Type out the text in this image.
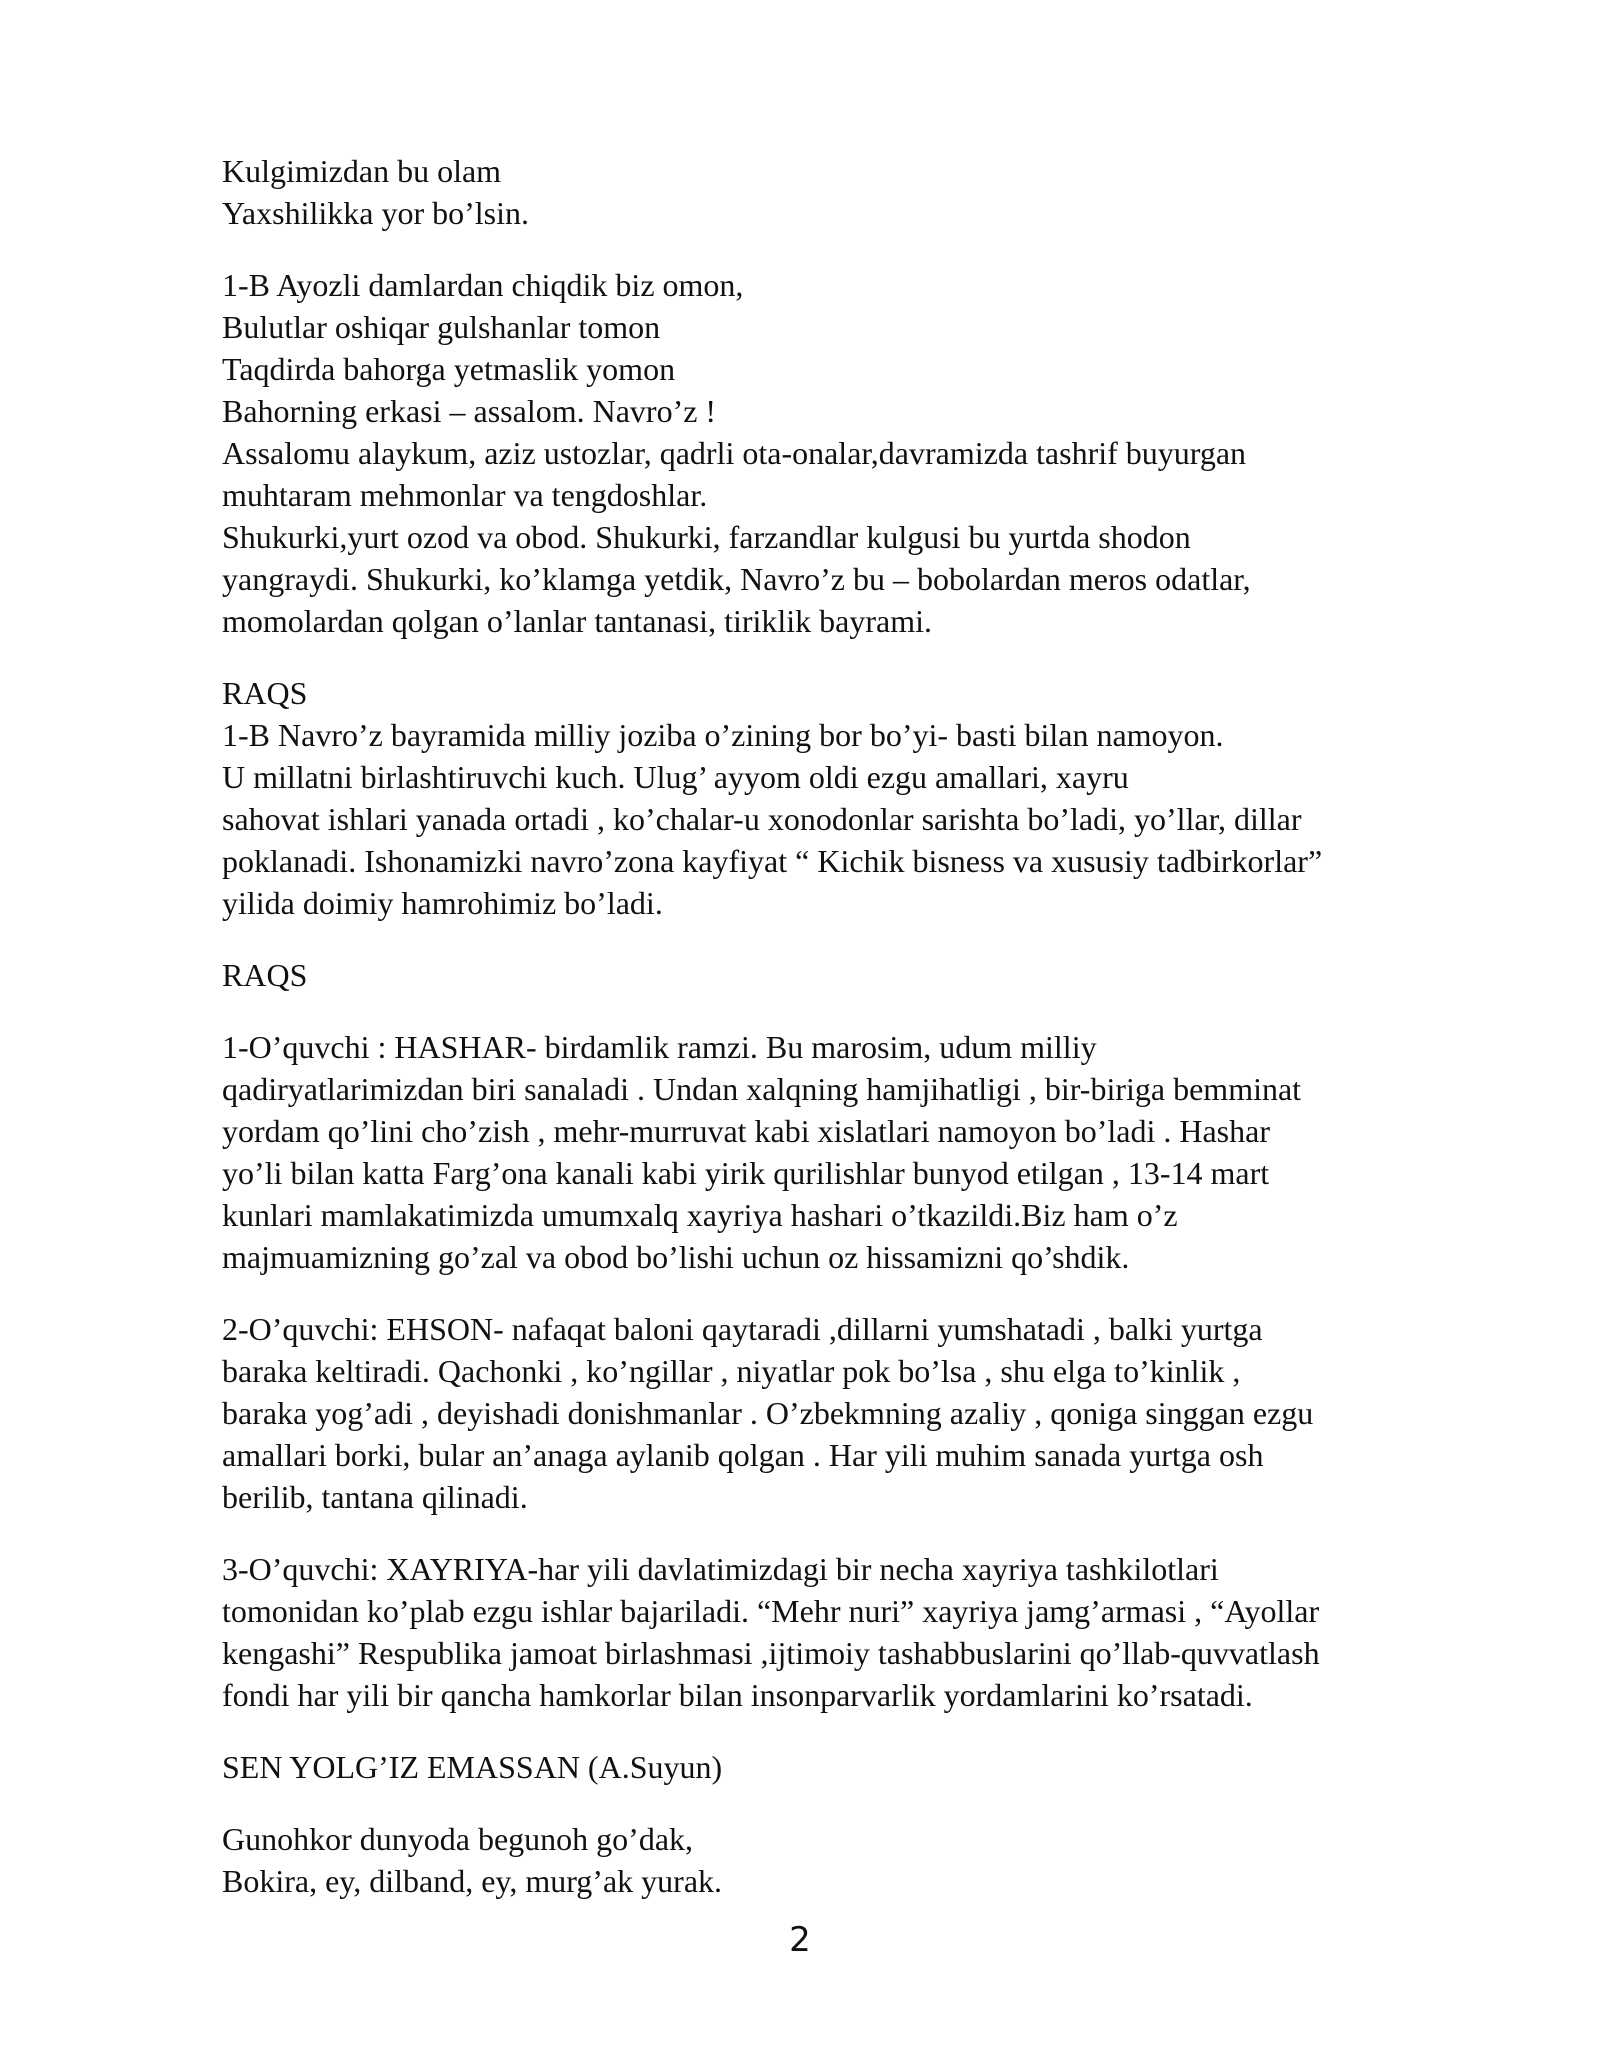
Kulgimizdan bu olam
Yaxshilikka yor bo’lsin.
1-B Ayozli damlardan chiqdik biz omon,
Bulutlar oshiqar gulshanlar tomon
Taqdirda bahorga yetmaslik yomon
Bahorning erkasi – assalom. Navro’z !
Assalomu alaykum, aziz ustozlar, qadrli ota-onalar,davramizda tashrif buyurgan
muhtaram mehmonlar va tengdoshlar.
Shukurki,yurt ozod va obod. Shukurki, farzandlar kulgusi bu yurtda shodon
yangraydi. Shukurki, ko’klamga yetdik, Navro’z bu – bobolardan meros odatlar,
momolardan qolgan o’lanlar tantanasi, tiriklik bayrami.
RAQS
1-B Navro’z bayramida milliy joziba o’zining bor bo’yi- basti bilan namoyon.
U millatni birlashtiruvchi kuch. Ulug’ ayyom oldi ezgu amallari, xayru
sahovat ishlari yanada ortadi , ko’chalar-u xonodonlar sarishta bo’ladi, yo’llar, dillar
poklanadi. Ishonamizki navro’zona kayfiyat “ Kichik bisness va xususiy tadbirkorlar”
yilida doimiy hamrohimiz bo’ladi.
RAQS
1-O’quvchi : HASHAR- birdamlik ramzi. Bu marosim, udum milliy
qadiryatlarimizdan biri sanaladi . Undan xalqning hamjihatligi , bir-biriga bemminat
yordam qo’lini cho’zish , mehr-murruvat kabi xislatlari namoyon bo’ladi . Hashar
yo’li bilan katta Farg’ona kanali kabi yirik qurilishlar bunyod etilgan , 13-14 mart
kunlari mamlakatimizda umumxalq xayriya hashari o’tkazildi.Biz ham o’z
majmuamizning go’zal va obod bo’lishi uchun oz hissamizni qo’shdik.
2-O’quvchi: EHSON- nafaqat baloni qaytaradi ,dillarni yumshatadi , balki yurtga
baraka keltiradi. Qachonki , ko’ngillar , niyatlar pok bo’lsa , shu elga to’kinlik ,
baraka yog’adi , deyishadi donishmanlar . O’zbekmning azaliy , qoniga singgan ezgu
amallari borki, bular an’anaga aylanib qolgan . Har yili muhim sanada yurtga osh
berilib, tantana qilinadi.
3-O’quvchi: XAYRIYA-har yili davlatimizdagi bir necha xayriya tashkilotlari
tomonidan ko’plab ezgu ishlar bajariladi. “Mehr nuri” xayriya jamg’armasi , “Ayollar
kengashi” Respublika jamoat birlashmasi ,ijtimoiy tashabbuslarini qo’llab-quvvatlash
fondi har yili bir qancha hamkorlar bilan insonparvarlik yordamlarini ko’rsatadi.
SEN YOLG’IZ EMASSAN (A.Suyun)
Gunohkor dunyoda begunoh go’dak,
Bokira, ey, dilband, ey, murg’ak yurak.
2
